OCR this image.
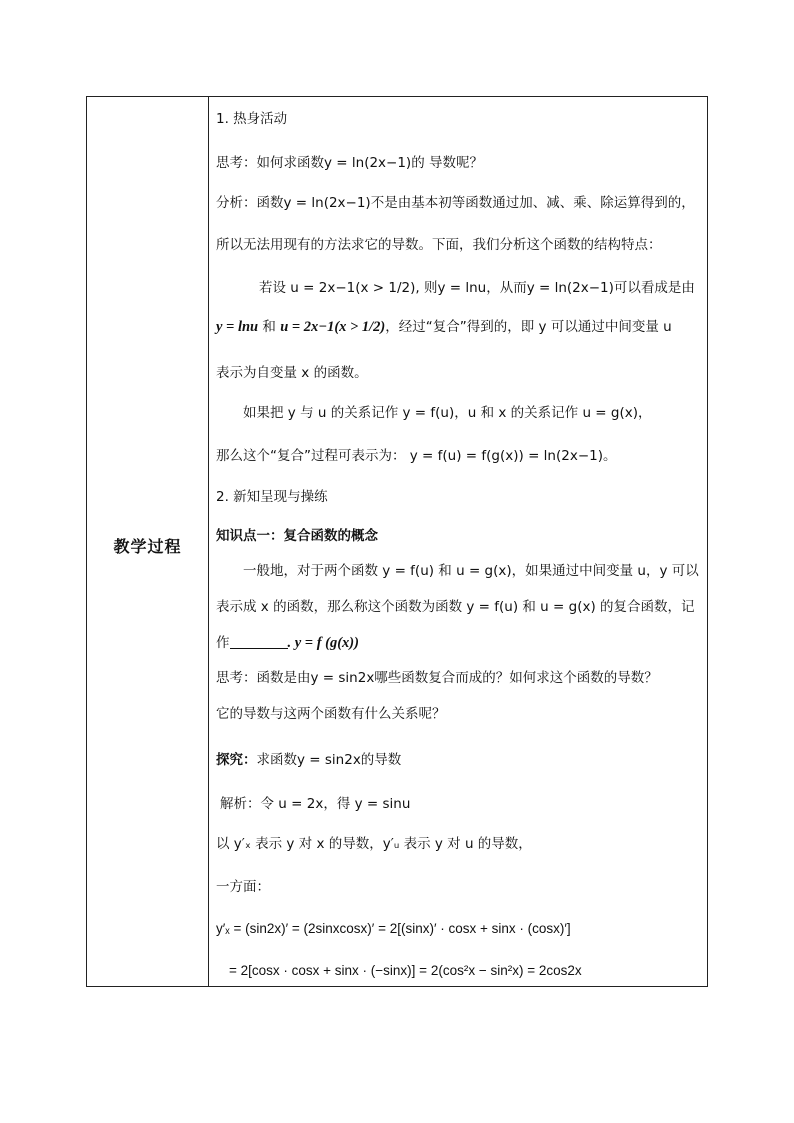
教学过程
1. 热身活动
思考：如何求函数y = ln(2x−1)的 导数呢？
分析：函数y = ln(2x−1)不是由基本初等函数通过加、减、乘、除运算得到的，
所以无法用现有的方法求它的导数。下面，我们分析这个函数的结构特点：
若设 u = 2x−1(x > 1/2), 则y = lnu，从而y = ln(2x−1)可以看成是由
y = lnu 和 u = 2x−1(x > 1/2)，经过“复合”得到的，即 y 可以通过中间变量 u
表示为自变量 x 的函数。
如果把 y 与 u 的关系记作 y = f(u)，u 和 x 的关系记作 u = g(x)，
那么这个“复合”过程可表示为： y = f(u) = f(g(x)) = ln(2x−1)。
2. 新知呈现与操练
知识点一：复合函数的概念
一般地，对于两个函数 y = f(u) 和 u = g(x)，如果通过中间变量 u，y 可以
表示成 x 的函数，那么称这个函数为函数 y = f(u) 和 u = g(x) 的复合函数，记
作	. y = f (g(x))
思考：函数是由y = sin2x哪些函数复合而成的？如何求这个函数的导数？
它的导数与这两个函数有什么关系呢？
探究：求函数y = sin2x的导数
解析：令 u = 2x，得 y = sinu
以 y′ₓ 表示 y 对 x 的导数，y′ᵤ 表示 y 对 u 的导数，
一方面：
y′ₓ = (sin2x)′ = (2sinxcosx)′ = 2[(sinx)′ · cosx + sinx · (cosx)′]
= 2[cosx · cosx + sinx · (−sinx)] = 2(cos²x − sin²x) = 2cos2x
